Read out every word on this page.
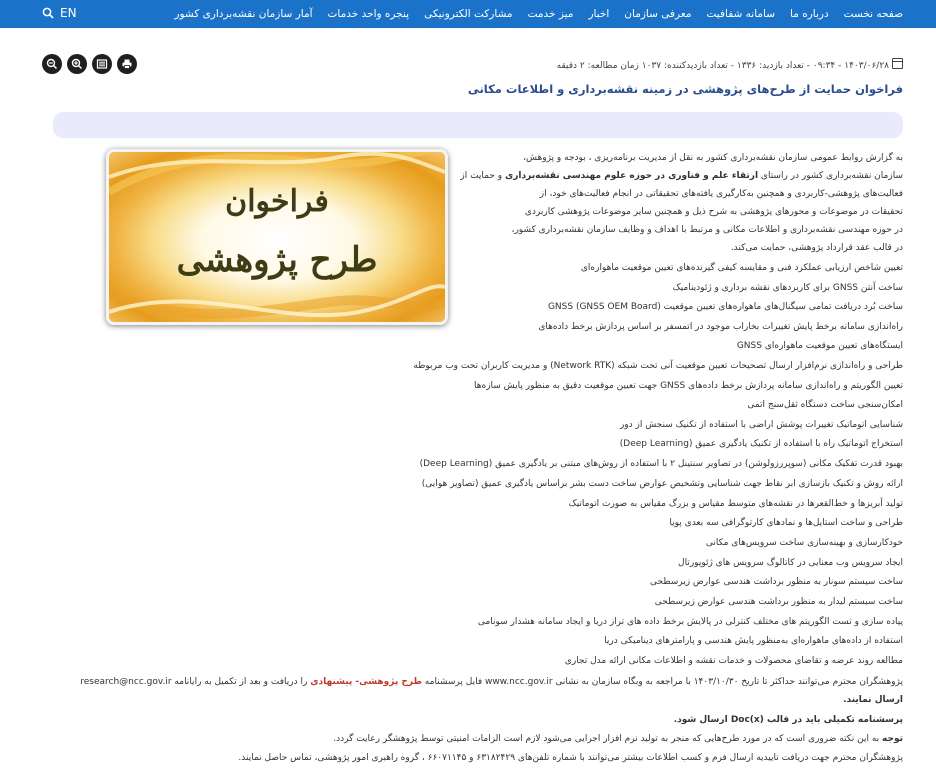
صفحه نخست
درباره ما
سامانه شفافیت
معرفی سازمان
اخبار
میز خدمت
مشارکت الکترونیکی
پنجره واحد خدمات
آمار سازمان نقشه‌برداری کشور
EN
۱۴۰۳/۰۶/۲۸ - ۰۹:۳۴ - تعداد بازدید: ۱۳۳۶ - تعداد بازدیدکننده: ۱۰۳۷ زمان مطالعه: ۲ دقیقه
فراخوان حمایت از طرح‌های پژوهشی در زمینه نقشه‌برداری و اطلاعات مکانی
فراخوان
طرح پژوهشی
به گزارش روابط عمومی سازمان نقشه‌برداری کشور به نقل از مدیریت برنامه‌ریزی ، بودجه و پژوهش،
سازمان نقشه‌برداری کشور در راستای ارتقاء علم و فناوری در حوزه علوم مهندسی نقشه‌برداری و حمایت از
فعالیت‌های پژوهشی-کاربردی و همچنین به‌کارگیری یافته‌های تحقیقاتی در انجام فعالیت‌های خود، از
تحقیقات در موضوعات و محورهای پژوهشی به شرح ذیل و همچنین سایر موضوعات پژوهشی کاربردی
در حوزه مهندسی نقشه‌برداری و اطلاعات مکانی و مرتبط با اهداف و وظایف سازمان نقشه‌برداری کشور،
در قالب عقد قرارداد پژوهشی، حمایت می‌کند.
تعیین شاخص ارزیابی عملکرد فنی و مقایسه کیفی گیرنده‌های تعیین موقعیت ماهواره‌ای
ساخت آنتن GNSS برای کاربردهای نقشه برداری و ژئودینامیک
ساخت بُرد دریافت تمامی سیگنال‌های ماهواره‌های تعیین موقعیت (GNSS (GNSS OEM Board
راه‌اندازی سامانه برخط پایش تغییرات بخاراب موجود در اتمسفر بر اساس پردازش برخط داده‌های
ایستگاه‌های تعیین موقعیت ماهواره‌ای GNSS
طراحی و راه‌اندازی نرم‌افزار ارسال تصحیحات تعیین موقعیت آنی تحت شبکه (Network RTK) و مدیریت کاربران تحت وب مربوطه
تعیین الگوریتم و راه‌اندازی سامانه پردازش برخط داده‌های GNSS جهت تعیین موقعیت دقیق به منظور پایش سازه‌ها
امکان‌سنجی ساخت دستگاه ثقل‌سنج اتمی
شناسایی اتوماتیک تغییرات پوشش اراضی با استفاده از تکنیک سنجش از دور
استخراج اتوماتیک راه با استفاده از تکنیک یادگیری عمیق (Deep Learning)
بهبود قدرت تفکیک مکانی (سوپررزولوشن) در تصاویر سنتینل ۲ با استفاده از روش‌های مبتنی بر یادگیری عمیق (Deep Learning)
ارائه روش و تکنیک بازسازی ابر نقاط جهت شناسایی وتشخیص عوارض ساخت دست بشر براساس یادگیری عمیق (تصاویر هوایی)
تولید آبریزها و خط‌القعرها در نقشه‌های متوسط مقیاس و بزرگ مقیاس به صورت اتوماتیک
طراحی و ساخت استایل‌ها و نمادهای کارتوگرافی سه بعدی پویا
خودکارسازی و بهینه‌سازی ساخت سرویس‌های مکانی
ایجاد سرویس وب معنایی در کاتالوگ سرویس های ژئوپورتال
ساخت سیستم سونار به منظور برداشت هندسی عوارض زیرسطحی
ساخت سیستم لیدار به منظور برداشت هندسی عوارض زیرسطحی
پیاده سازی و تست الگوریتم های مختلف کنترلی در پالایش برخط داده های تراز دریا و ایجاد سامانه هشدار سونامی
استفاده از داده‌های ماهواره‌ای به‌منظور پایش هندسی و پارامترهای دینامیکی دریا
مطالعه روند عرضه و تقاضای محصولات و خدمات نقشه و اطلاعات مکانی ارائه مدل تجاری
پژوهشگران محترم می‌توانند حداکثر تا تاریخ ۱۴۰۳/۱۰/۳۰ با مراجعه به وبگاه سازمان به نشانی www.ncc.gov.ir فایل پرسشنامه طرح پژوهشی- پیشنهادی را دریافت و بعد از تکمیل به رایانامه research@ncc.gov.ir
ارسال نمایند.
پرسشنامه تکمیلی باید در قالب Doc(x) ارسال شود.
توجه به این نکته ضروری است که در مورد طرح‌هایی که منجر به تولید نرم افزار اجرایی می‌شود لازم است الزامات امنیتی توسط پژوهشگر رعایت گردد.
پژوهشگران محترم جهت دریافت تاییدیه ارسال فرم و کسب اطلاعات بیشتر می‌توانند با شماره تلفن‌های ۶۳۱۸۲۴۲۹ و ۶۶۰۷۱۱۴۵ ، گروه راهبری امور پژوهشی، تماس حاصل نمایند.
